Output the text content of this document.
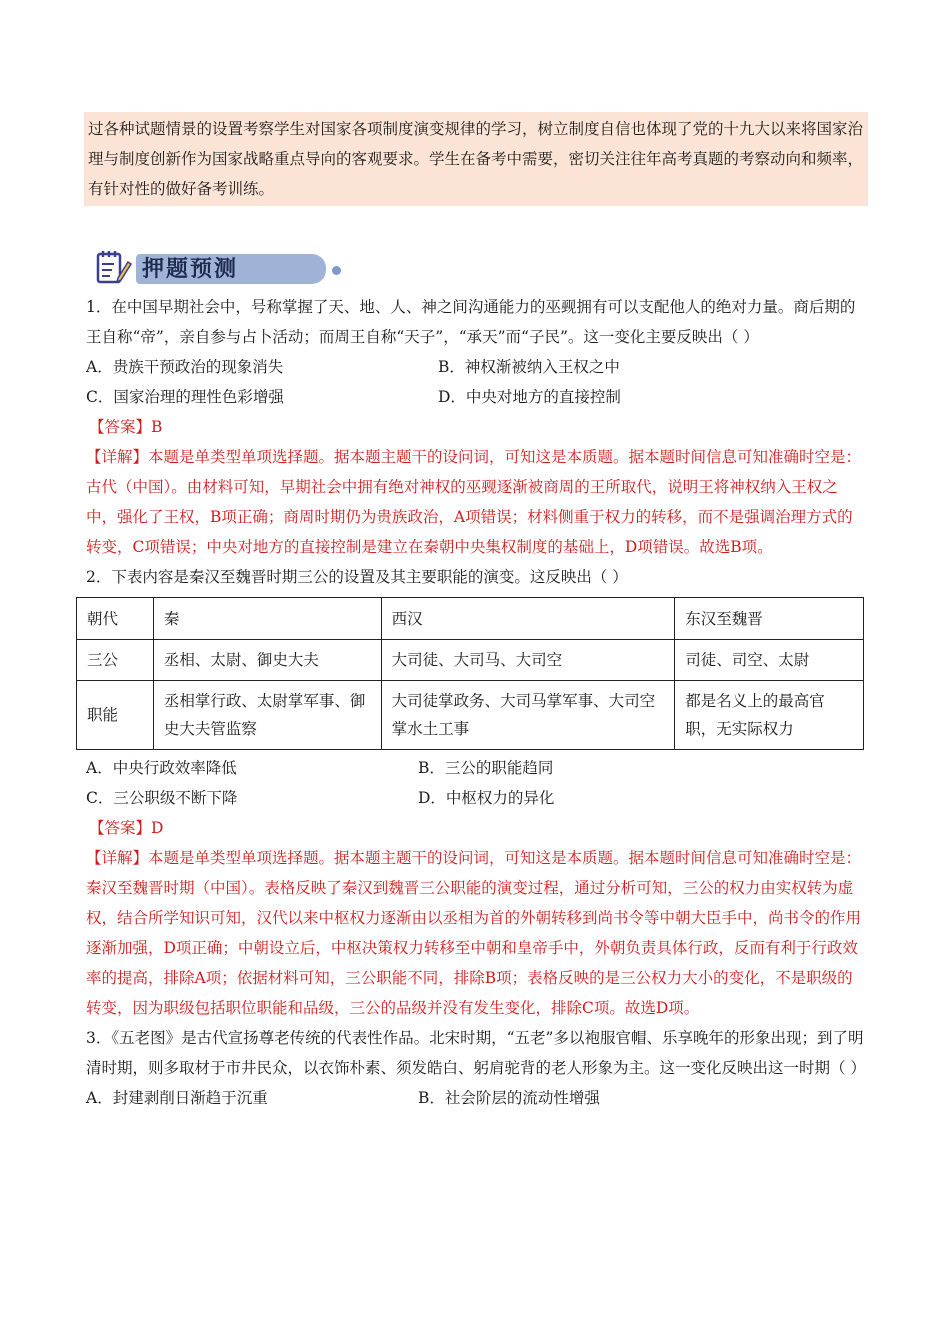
过各种试题情景的设置考察学生对国家各项制度演变规律的学习，树立制度自信也体现了党的十九大以来将国家治理与制度创新作为国家战略重点导向的客观要求。学生在备考中需要，密切关注往年高考真题的考察动向和频率，有针对性的做好备考训练。

押题预测

1．在中国早期社会中，号称掌握了天、地、人、神之间沟通能力的巫觋拥有可以支配他人的绝对力量。商后期的王自称“帝”，亲自参与占卜活动；而周王自称“天子”，“承天”而“子民”。这一变化主要反映出（ ）

A．贵族干预政治的现象消失	B．神权渐被纳入王权之中
C．国家治理的理性色彩增强	D．中央对地方的直接控制

【答案】B

【详解】本题是单类型单项选择题。据本题主题干的设问词，可知这是本质题。据本题时间信息可知准确时空是：古代（中国）。由材料可知，早期社会中拥有绝对神权的巫觋逐渐被商周的王所取代，说明王将神权纳入王权之中，强化了王权，B项正确；商周时期仍为贵族政治，A项错误；材料侧重于权力的转移，而不是强调治理方式的转变，C项错误；中央对地方的直接控制是建立在秦朝中央集权制度的基础上，D项错误。故选B项。

2．下表内容是秦汉至魏晋时期三公的设置及其主要职能的演变。这反映出（ ）

朝代	秦	西汉	东汉至魏晋
三公	丞相、太尉、御史大夫	大司徒、大司马、大司空	司徒、司空、太尉
职能	丞相掌行政、太尉掌军事、御史大夫管监察	大司徒掌政务、大司马掌军事、大司空掌水土工事	都是名义上的最高官职，无实际权力
A．中央行政效率降低	B．三公的职能趋同
C．三公职级不断下降	D．中枢权力的异化

【答案】D

【详解】本题是单类型单项选择题。据本题主题干的设问词，可知这是本质题。据本题时间信息可知准确时空是：秦汉至魏晋时期（中国）。表格反映了秦汉到魏晋三公职能的演变过程，通过分析可知，三公的权力由实权转为虚权，结合所学知识可知，汉代以来中枢权力逐渐由以丞相为首的外朝转移到尚书令等中朝大臣手中，尚书令的作用逐渐加强，D项正确；中朝设立后，中枢决策权力转移至中朝和皇帝手中，外朝负责具体行政，反而有利于行政效率的提高，排除A项；依据材料可知，三公职能不同，排除B项；表格反映的是三公权力大小的变化，不是职级的转变，因为职级包括职位职能和品级，三公的品级并没有发生变化，排除C项。故选D项。

3．《五老图》是古代宣扬尊老传统的代表性作品。北宋时期，“五老”多以袍服官帽、乐享晚年的形象出现；到了明清时期，则多取材于市井民众，以衣饰朴素、须发皓白、躬肩驼背的老人形象为主。这一变化反映出这一时期（ ）

A．封建剥削日渐趋于沉重	B．社会阶层的流动性增强
